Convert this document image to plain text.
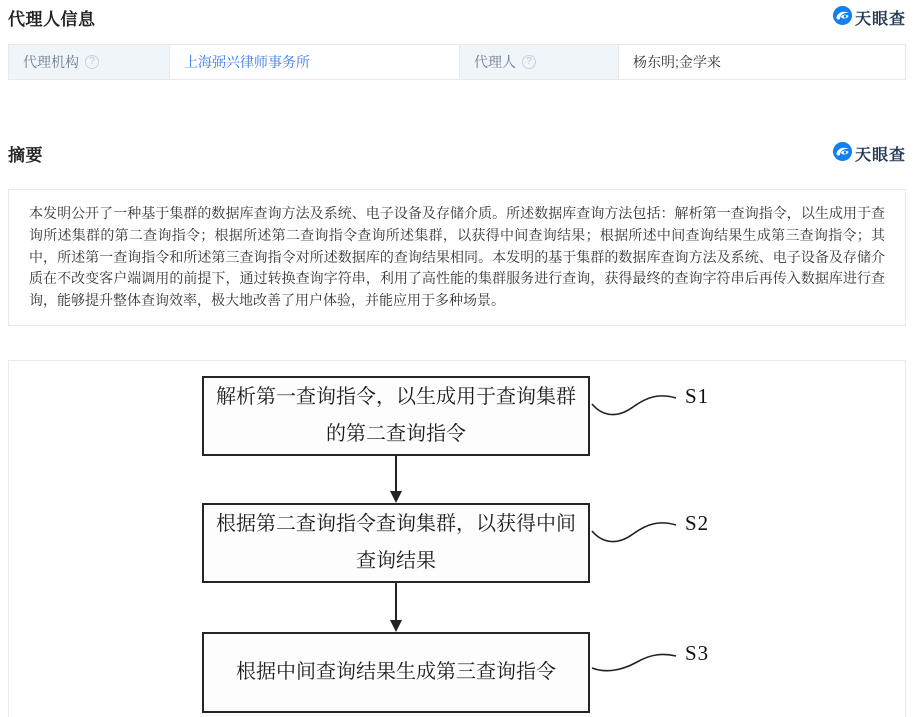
代理人信息	天眼查
代理机构	?	上海弼兴律师事务所	代理人	?	杨东明;金学来
摘要	天眼查
本发明公开了一种基于集群的数据库查询方法及系统、电子设备及存储介质。所述数据库查询方法包括：解析第一查询指令，以生成用于查询所述集群的第二查询指令；根据所述第二查询指令查询所述集群，以获得中间查询结果；根据所述中间查询结果生成第三查询指令；其中，所述第一查询指令和所述第三查询指令对所述数据库的查询结果相同。本发明的基于集群的数据库查询方法及系统、电子设备及存储介质在不改变客户端调用的前提下，通过转换查询字符串，利用了高性能的集群服务进行查询，获得最终的查询字符串后再传入数据库进行查询，能够提升整体查询效率，极大地改善了用户体验，并能应用于多种场景。
解析第一查询指令，以生成用于查询集群的第二查询指令
根据第二查询指令查询集群，以获得中间查询结果
根据中间查询结果生成第三查询指令
S1
S2
S3
